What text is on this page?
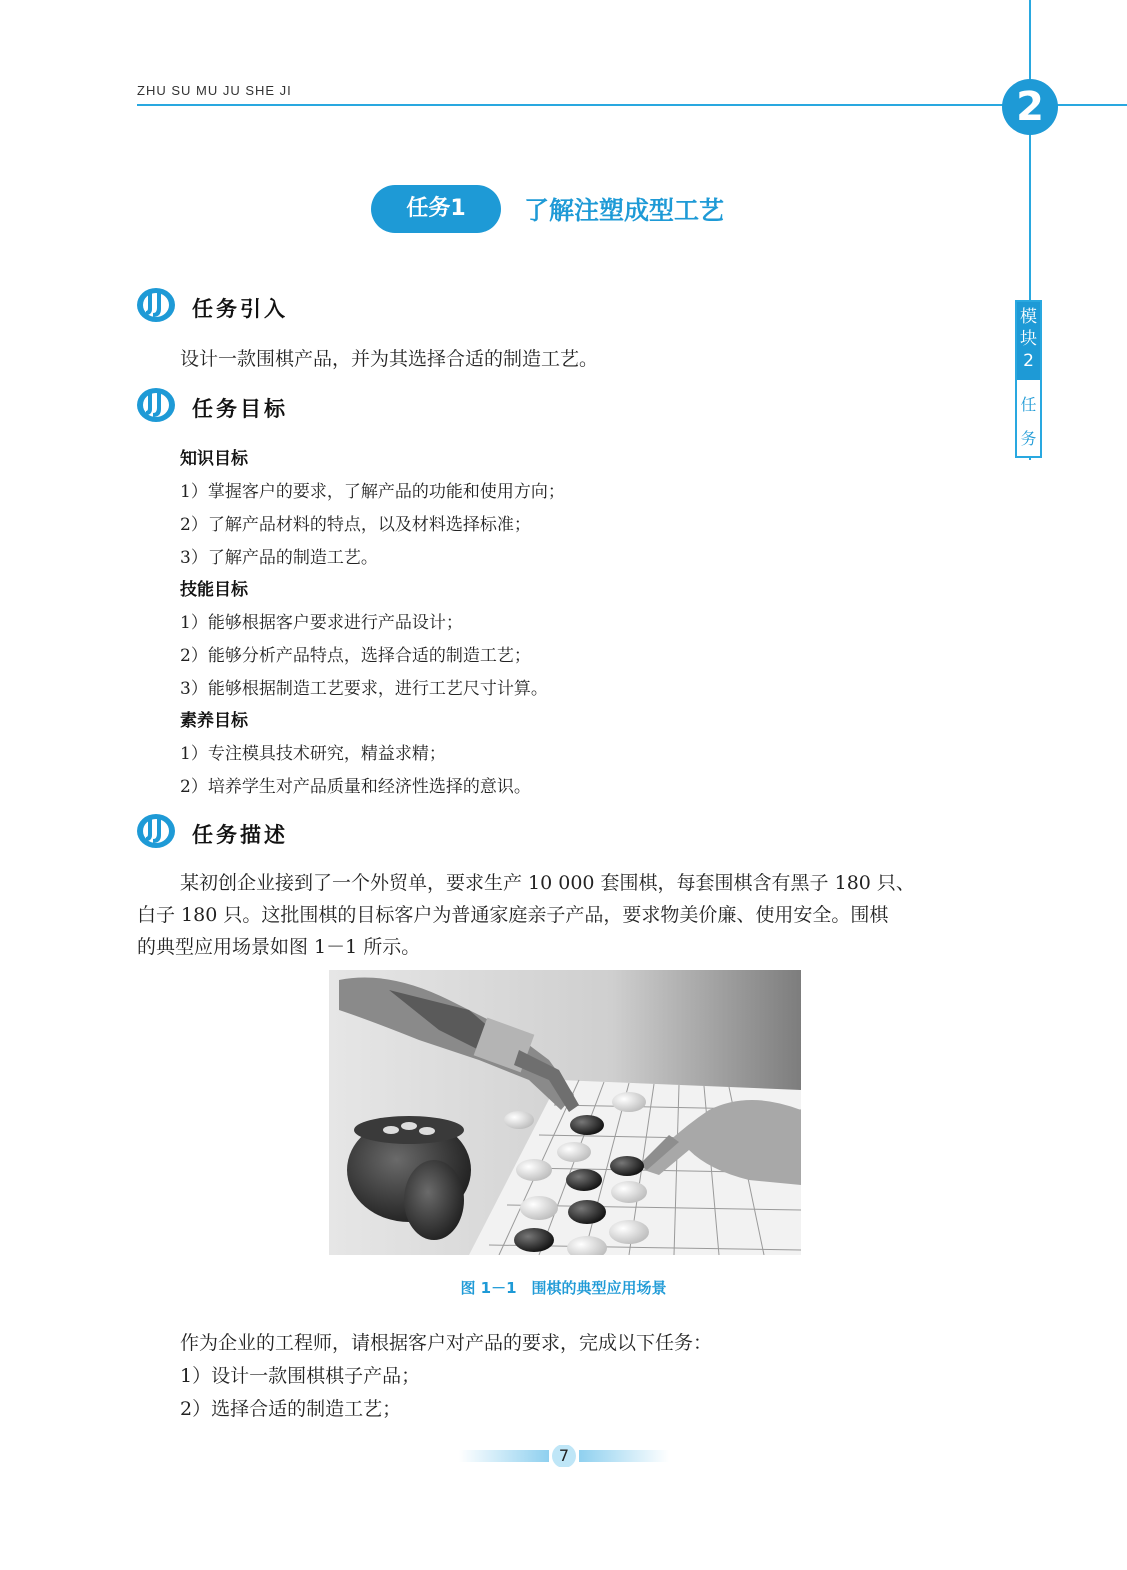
ZHU SU MU JU SHE JI	2
模
块
2
任
务
任务1	了解注塑成型工艺
任务引入
设计一款围棋产品，并为其选择合适的制造工艺。
任务目标
知识目标
1）掌握客户的要求，了解产品的功能和使用方向；
2）了解产品材料的特点，以及材料选择标准；
3）了解产品的制造工艺。
技能目标
1）能够根据客户要求进行产品设计；
2）能够分析产品特点，选择合适的制造工艺；
3）能够根据制造工艺要求，进行工艺尺寸计算。
素养目标
1）专注模具技术研究，精益求精；
2）培养学生对产品质量和经济性选择的意识。
任务描述
某初创企业接到了一个外贸单，要求生产 10 000 套围棋，每套围棋含有黑子 180 只、
白子 180 只。这批围棋的目标客户为普通家庭亲子产品，要求物美价廉、使用安全。围棋
的典型应用场景如图 1－1 所示。
图 1－1　围棋的典型应用场景
作为企业的工程师，请根据客户对产品的要求，完成以下任务：
1）设计一款围棋棋子产品；
2）选择合适的制造工艺；
7
